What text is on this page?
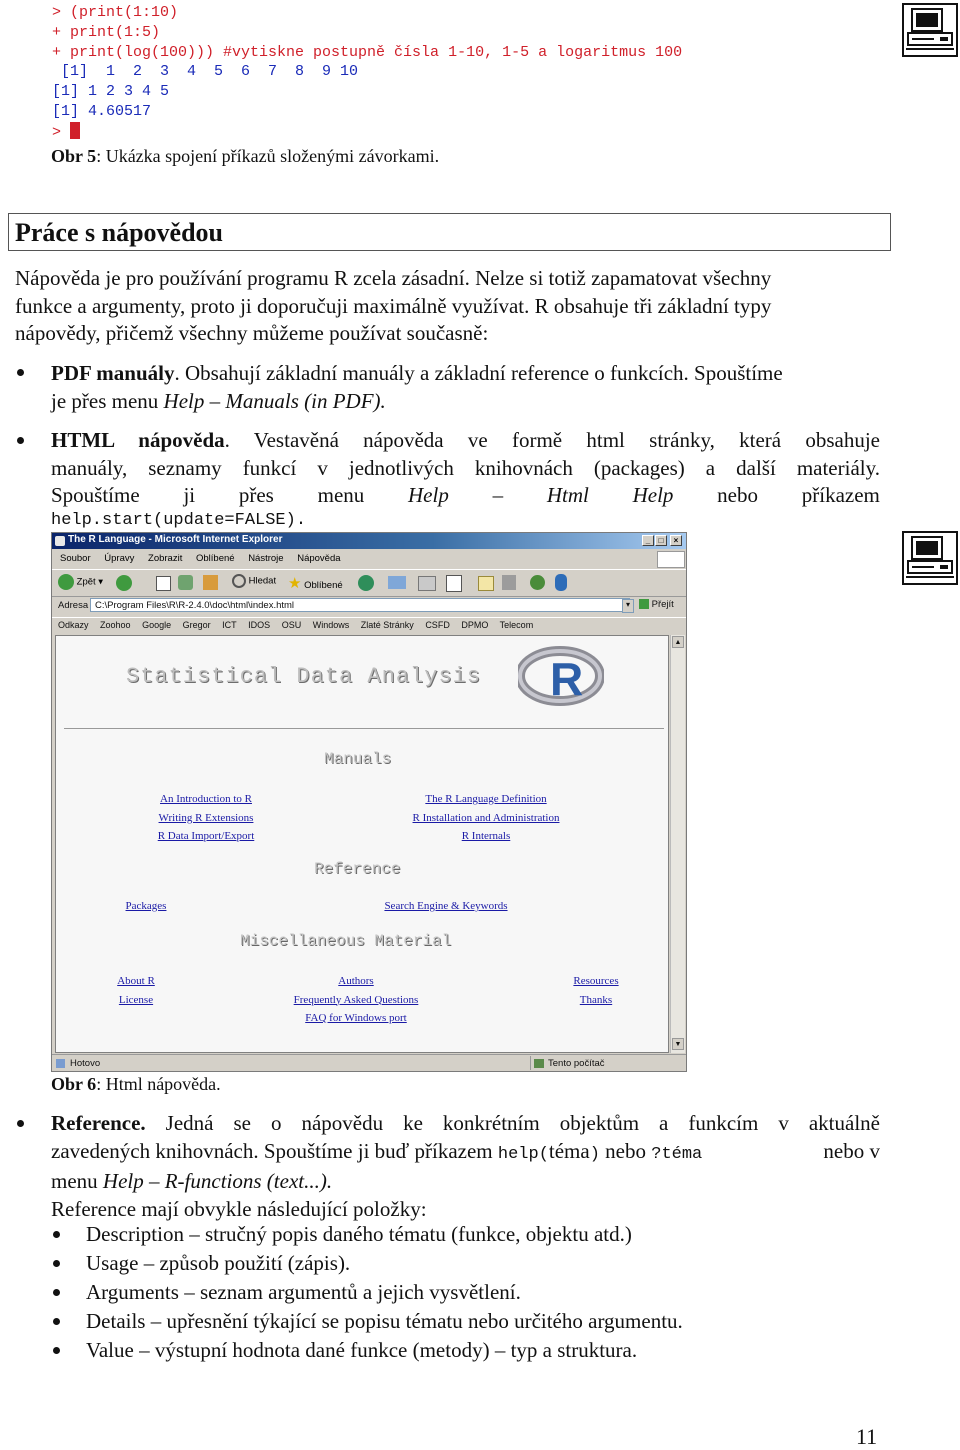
> (print(1:10)
+ print(1:5)
+ print(log(100))) #vytiskne postupně čísla 1-10, 1-5 a logaritmus 100
[1]  1  2  3  4  5  6  7  8  9 10
[1] 1 2 3 4 5
[1] 4.60517
>
Obr 5: Ukázka spojení příkazů složenými závorkami.
Práce s nápovědou
Nápověda je pro používání programu R zcela zásadní. Nelze si totiž zapamatovat všechny
funkce a argumenty, proto ji doporučuji maximálně využívat. R obsahuje tři základní typy
nápovědy, přičemž všechny můžeme používat současně:
PDF manuály. Obsahují základní manuály a základní reference o funkcích. Spouštíme
je přes menu Help – Manuals (in PDF).
HTML nápověda. Vestavěná nápověda ve formě html stránky, která obsahuje
manuály, seznamy funkcí v jednotlivých knihovnách (packages) a další materiály.
Spouštíme ji přes menu Help – Html Help nebo příkazem
help.start(update=FALSE).
The R Language - Microsoft Internet Explorer	_	□	×
Soubor Úpravy Zobrazit Oblíbené Nástroje Nápověda
Zpět ▾	Hledat ★ Oblíbené
Adresa C:\Program Files\R\R-2.4.0\doc\html\index.html	▾	Přejít
Odkazy Zoohoo Google Gregor ICT IDOS OSU Windows Zlaté Stránky CSFD DPMO Telecom
Statistical Data Analysis R
Manuals
An Introduction to R
Writing R Extensions
R Data Import/Export
The R Language Definition
R Installation and Administration
R Internals
Reference
Packages	Search Engine & Keywords
Miscellaneous Material
About R
License
Authors
Frequently Asked Questions
FAQ for Windows port
Resources
Thanks
▲
▼
Hotovo	Tento počítač
Obr 6: Html nápověda.
Reference. Jedná se o nápovědu ke konkrétním objektům a funkcím v aktuálně
zavedených knihovnách. Spouštíme ji buď příkazem help(téma) nebo ?téma	nebo v
menu Help – R-functions (text...).
Reference mají obvykle následující položky:
Description – stručný popis daného tématu (funkce, objektu atd.)
Usage – způsob použití (zápis).
Arguments – seznam argumentů a jejich vysvětlení.
Details – upřesnění týkající se popisu tématu nebo určitého argumentu.
Value – výstupní hodnota dané funkce (metody) – typ a struktura.
11
